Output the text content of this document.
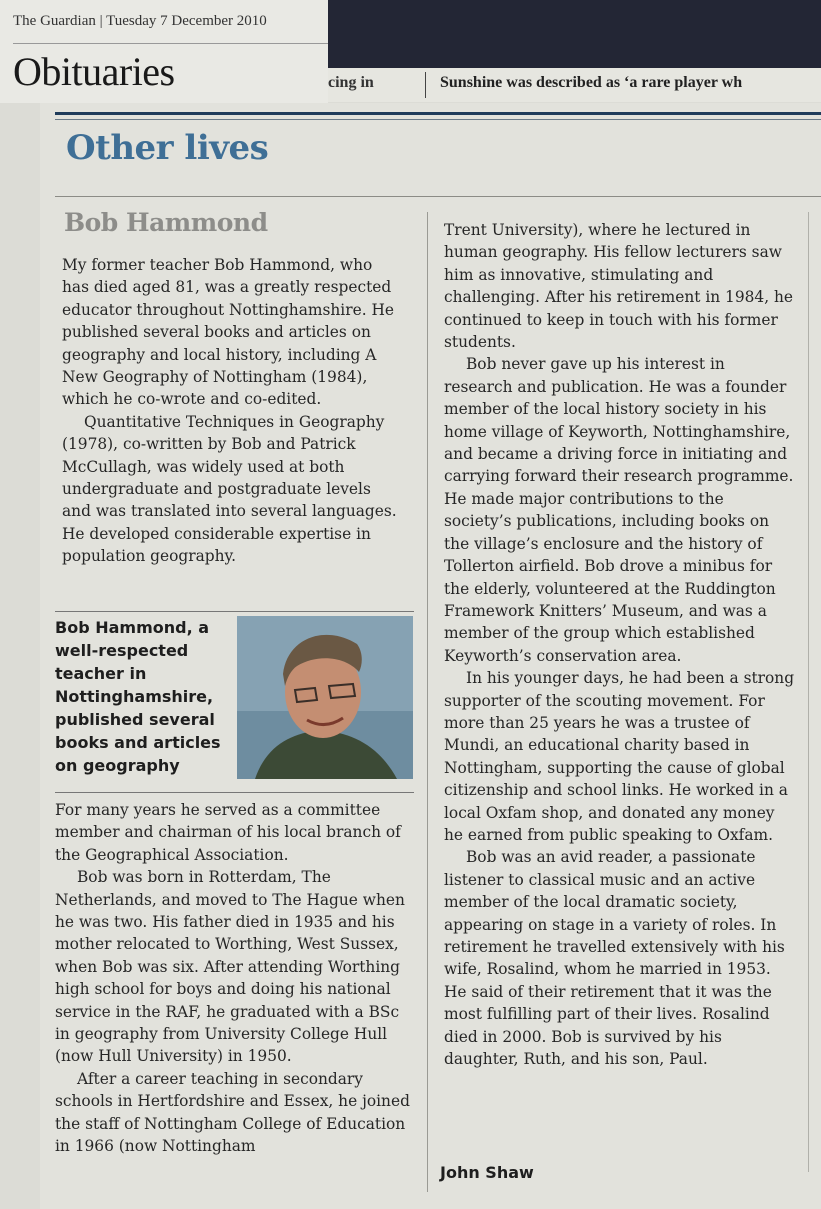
The Guardian | Tuesday 7 December 2010
Obituaries	cing in	Sunshine was described as ‘a rare player wh
Other lives
Bob Hammond

My former teacher Bob Hammond, who has died aged 81, was a greatly respected educator throughout Nottinghamshire. He published several books and articles on geography and local history, including A New Geography of Nottingham (1984), which he co-wrote and co-edited.

Quantitative Techniques in Geography (1978), co-written by Bob and Patrick McCullagh, was widely used at both undergraduate and postgraduate levels and was translated into several languages. He developed considerable expertise in population geography.

Bob Hammond, a well-respected teacher in Nottinghamshire, published several books and articles on geography

For many years he served as a committee member and chairman of his local branch of the Geographical Association.

Bob was born in Rotterdam, The Netherlands, and moved to The Hague when he was two. His father died in 1935 and his mother relocated to Worthing, West Sussex, when Bob was six. After attending Worthing high school for boys and doing his national service in the RAF, he graduated with a BSc in geography from University College Hull (now Hull University) in 1950.

After a career teaching in secondary schools in Hertfordshire and Essex, he joined the staff of Nottingham College of Education in 1966 (now Nottingham

Trent University), where he lectured in human geography. His fellow lecturers saw him as innovative, stimulating and challenging. After his retirement in 1984, he continued to keep in touch with his former students.

Bob never gave up his interest in research and publication. He was a founder member of the local history society in his home village of Keyworth, Nottinghamshire, and became a driving force in initiating and carrying forward their research programme. He made major contributions to the society’s publications, including books on the village’s enclosure and the history of Tollerton airfield. Bob drove a minibus for the elderly, volunteered at the Ruddington Framework Knitters’ Museum, and was a member of the group which established Keyworth’s conservation area.

In his younger days, he had been a strong supporter of the scouting movement. For more than 25 years he was a trustee of Mundi, an educational charity based in Nottingham, supporting the cause of global citizenship and school links. He worked in a local Oxfam shop, and donated any money he earned from public speaking to Oxfam.

Bob was an avid reader, a passionate listener to classical music and an active member of the local dramatic society, appearing on stage in a variety of roles. In retirement he travelled extensively with his wife, Rosalind, whom he married in 1953. He said of their retirement that it was the most fulfilling part of their lives. Rosalind died in 2000. Bob is survived by his daughter, Ruth, and his son, Paul.

John Shaw
